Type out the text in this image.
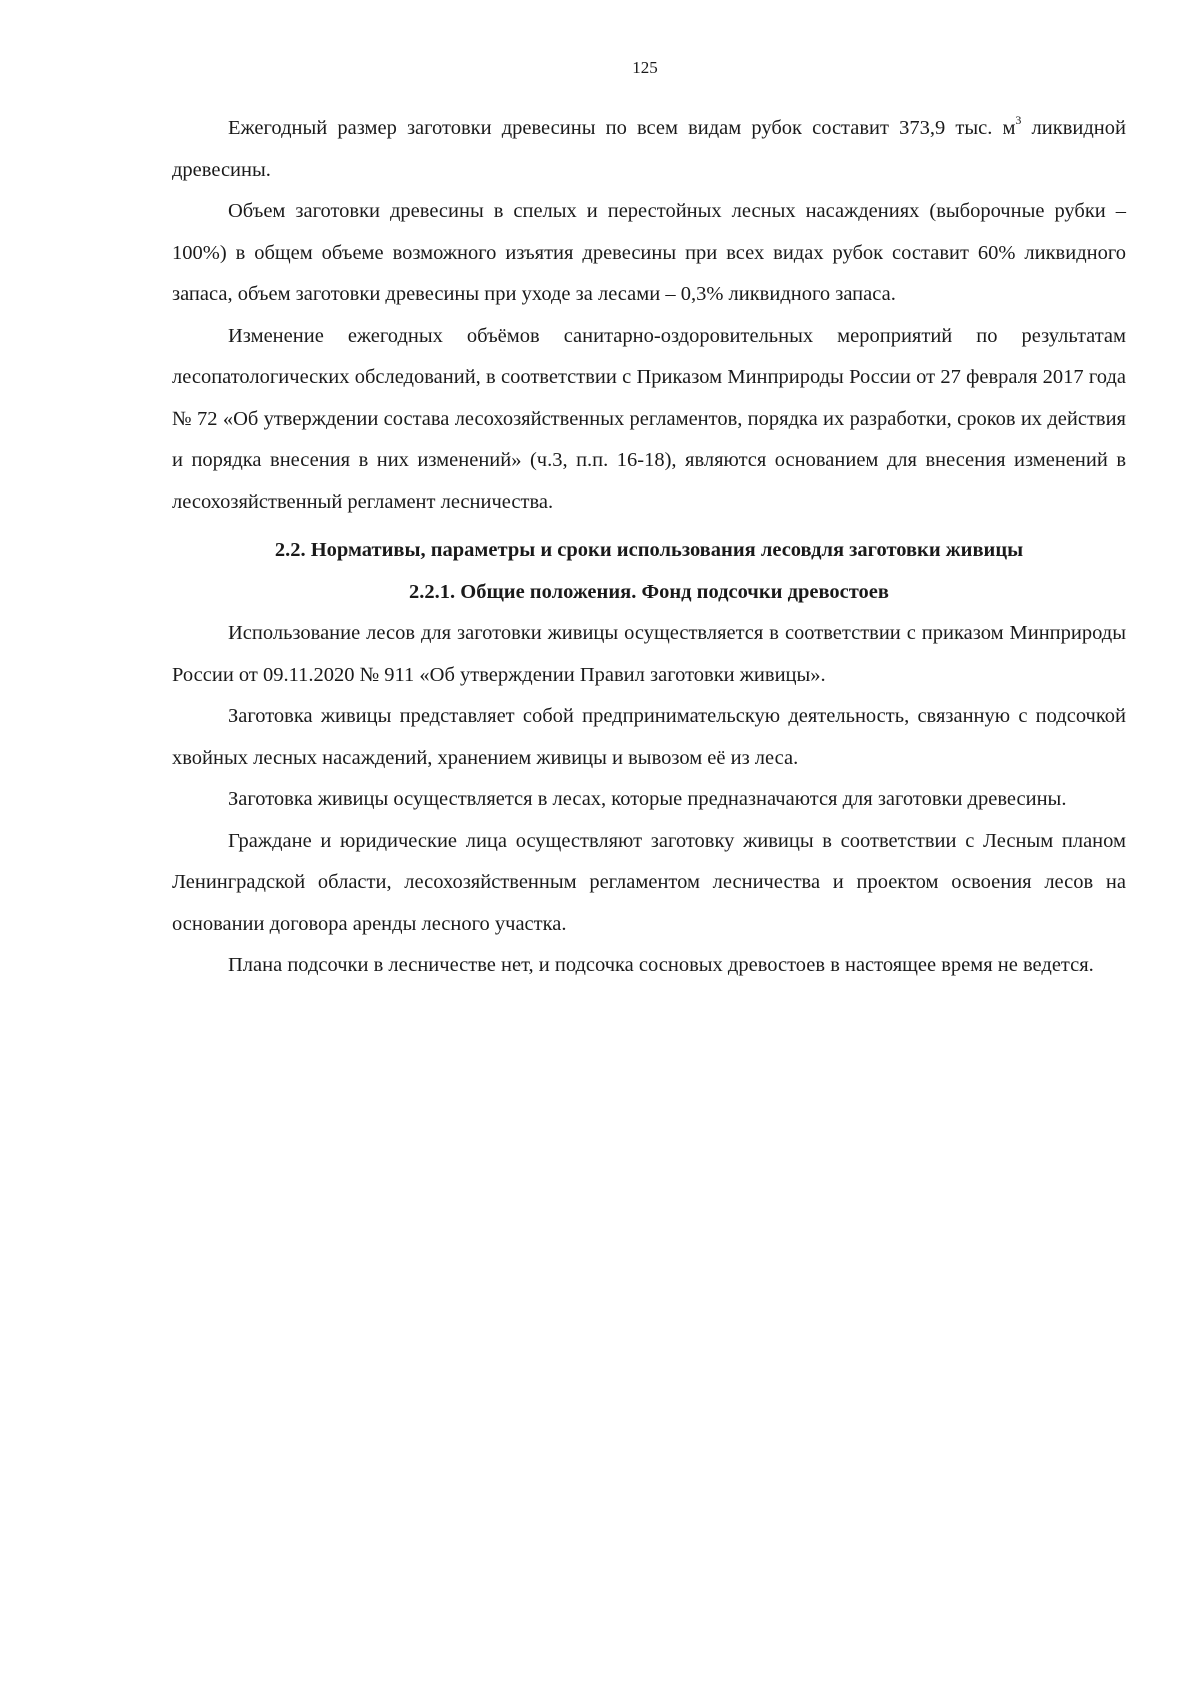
125

Ежегодный размер заготовки древесины по всем видам рубок составит 373,9 тыс. $м^3$ ликвидной древесины.

Объем заготовки древесины в спелых и перестойных лесных насаждениях (выборочные рубки – 100%) в общем объеме возможного изъятия древесины при всех видах рубок составит 60% ликвидного запаса, объем заготовки древесины при уходе за лесами – 0,3% ликвидного запаса.

Изменение ежегодных объёмов санитарно-оздоровительных мероприятий по результатам лесопатологических обследований, в соответствии с Приказом Минприроды России от 27 февраля 2017 года № 72 «Об утверждении состава лесохозяйственных регламентов, порядка их разработки, сроков их действия и порядка внесения в них изменений» (ч.3, п.п. 16-18), являются основанием для внесения изменений в лесохозяйственный регламент лесничества.

2.2. Нормативы, параметры и сроки использования лесовдля заготовки живицы

2.2.1. Общие положения. Фонд подсочки древостоев

Использование лесов для заготовки живицы осуществляется в соответствии с приказом Минприроды России от 09.11.2020 № 911 «Об утверждении Правил заготовки живицы».

Заготовка живицы представляет собой предпринимательскую деятельность, связанную с подсочкой хвойных лесных насаждений, хранением живицы и вывозом её из леса.

Заготовка живицы осуществляется в лесах, которые предназначаются для заготовки древесины.

Граждане и юридические лица осуществляют заготовку живицы в соответствии с Лесным планом Ленинградской области, лесохозяйственным регламентом лесничества и проектом освоения лесов на основании договора аренды лесного участка.

Плана подсочки в лесничестве нет, и подсочка сосновых древостоев в настоящее время не ведется.
